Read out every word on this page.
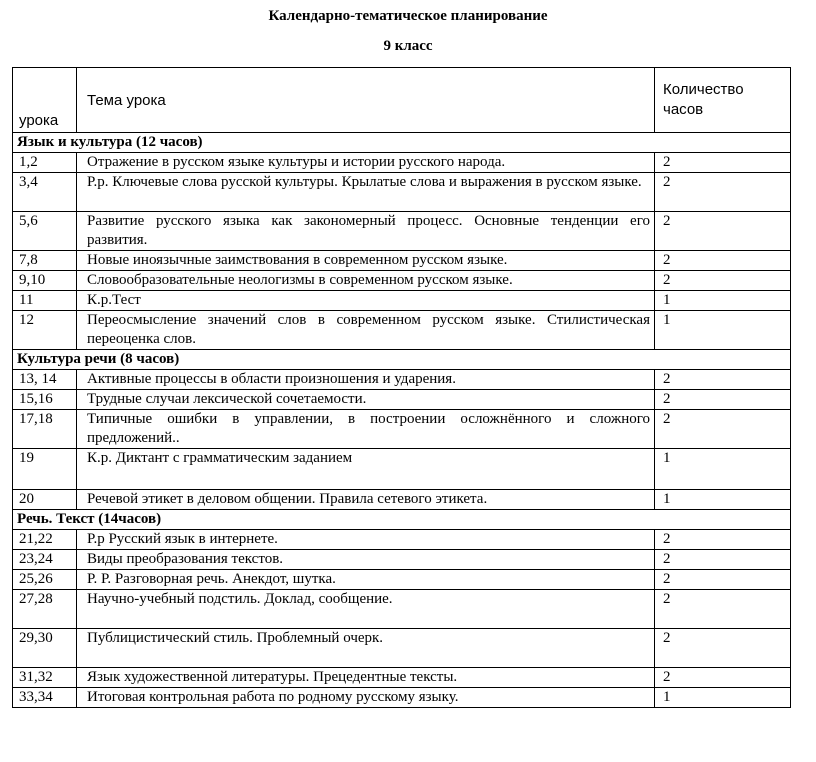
Календарно-тематическое планирование
9 класс
урока	Тема урока	Количество часов
Язык и культура (12 часов)		
1,2	Отражение в русском языке культуры и истории русского народа.	2
3,4	Р.р. Ключевые слова русской культуры. Крылатые слова и выражения в русском языке.	2
5,6	Развитие русского языка как закономерный процесс. Основные тенденции его развития.	2
7,8	Новые иноязычные заимствования в современном русском языке.	2
9,10	Словообразовательные неологизмы в современном русском языке.	2
11	К.р.Тест	1
12	Переосмысление значений слов в современном русском языке. Стилистическая переоценка слов.	1
Культура речи (8 часов)		
13, 14	Активные процессы в области произношения и ударения.	2
15,16	Трудные случаи лексической сочетаемости.	2
17,18	Типичные ошибки в управлении, в построении осложнённого и сложного предложений..	2
19	К.р. Диктант с грамматическим заданием	1
20	Речевой этикет в деловом общении. Правила сетевого этикета.	1
Речь. Текст (14часов)		
21,22	Р.р Русский язык в интернете.	2
23,24	Виды преобразования текстов.	2
25,26	Р. Р. Разговорная речь. Анекдот, шутка.	2
27,28	Научно-учебный подстиль. Доклад, сообщение.	2
29,30	Публицистический стиль. Проблемный очерк.	2
31,32	Язык художественной литературы. Прецедентные тексты.	2
33,34	Итоговая контрольная работа по родному русскому языку.	1
